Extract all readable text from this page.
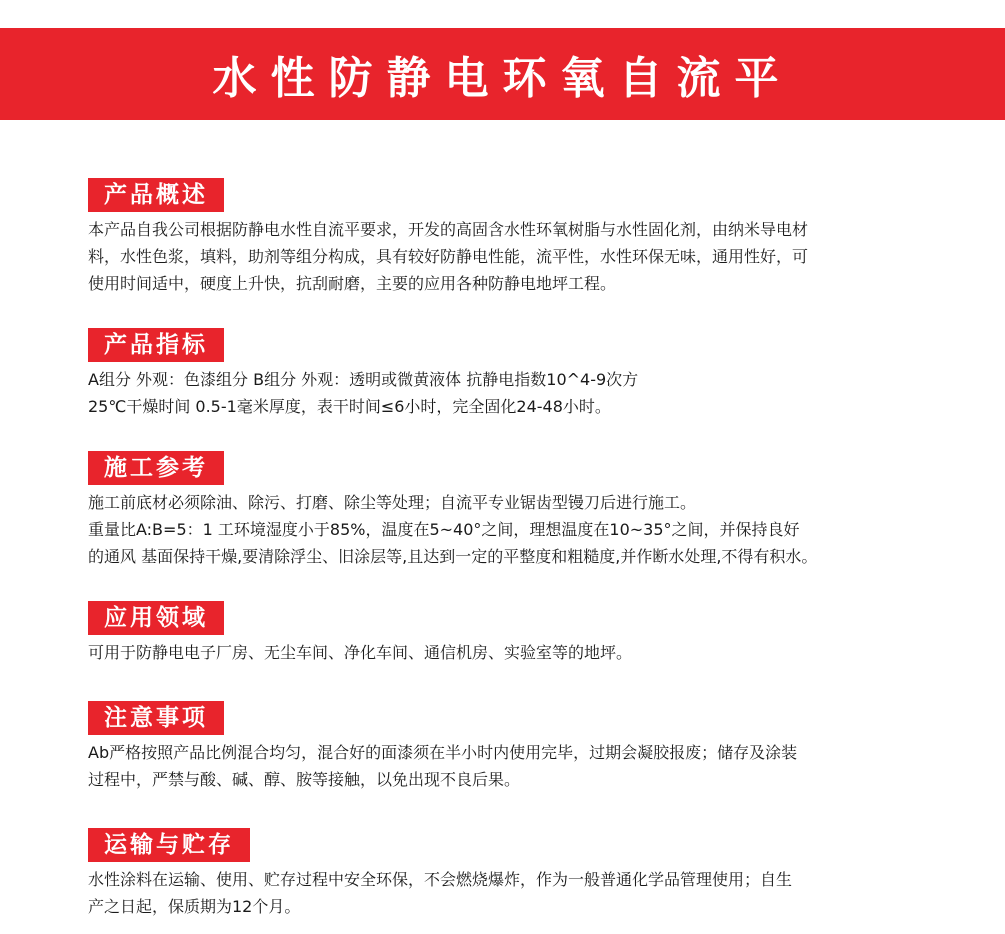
水性防静电环氧自流平
产品概述
本产品自我公司根据防静电水性自流平要求，开发的高固含水性环氧树脂与水性固化剂，由纳米导电材
料，水性色浆，填料，助剂等组分构成，具有较好防静电性能，流平性，水性环保无味，通用性好，可
使用时间适中，硬度上升快，抗刮耐磨，主要的应用各种防静电地坪工程。
产品指标
A组分 外观：色漆组分 B组分 外观：透明或微黄液体 抗静电指数10^4-9次方
25℃干燥时间 0.5-1毫米厚度，表干时间≤6小时，完全固化24-48小时。
施工参考
施工前底材必须除油、除污、打磨、除尘等处理；自流平专业锯齿型镘刀后进行施工。
重量比A:B=5：1 工环境湿度小于85%，温度在5~40°之间，理想温度在10~35°之间，并保持良好
的通风 基面保持干燥,要清除浮尘、旧涂层等,且达到一定的平整度和粗糙度,并作断水处理,不得有积水。
应用领域
可用于防静电电子厂房、无尘车间、净化车间、通信机房、实验室等的地坪。
注意事项
Ab严格按照产品比例混合均匀，混合好的面漆须在半小时内使用完毕，过期会凝胶报废；储存及涂装
过程中，严禁与酸、碱、醇、胺等接触，以免出现不良后果。
运输与贮存
水性涂料在运输、使用、贮存过程中安全环保，不会燃烧爆炸，作为一般普通化学品管理使用；自生
产之日起，保质期为12个月。
